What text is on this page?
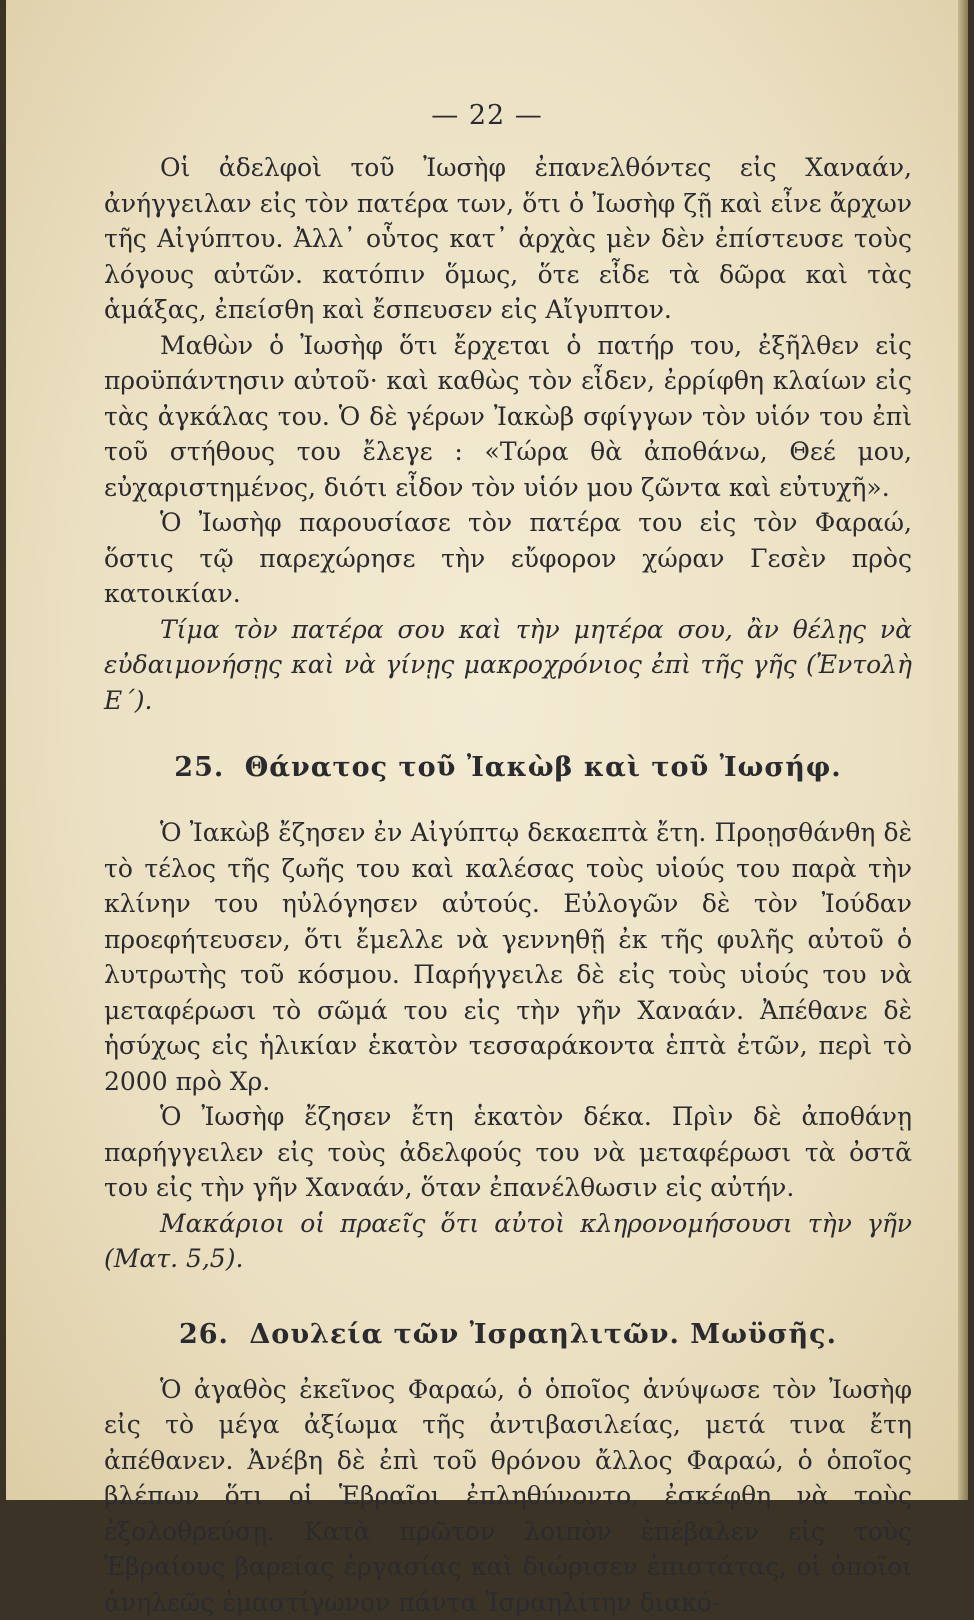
— 22 —

Οἱ ἀδελφοὶ τοῦ Ἰωσὴφ ἐπανελθόντες εἰς Χαναάν, ἀνήγγειλαν εἰς τὸν πατέρα των, ὅτι ὁ Ἰωσὴφ ζῇ καὶ εἶνε ἄρχων τῆς Αἰγύπτου. Ἀλλ᾽ οὗτος κατ᾽ ἀρχὰς μὲν δὲν ἐπίστευσε τοὺς λόγους αὐτῶν. κατόπιν ὅμως, ὅτε εἶδε τὰ δῶρα καὶ τὰς ἁμάξας, ἐπείσθη καὶ ἔσπευσεν εἰς Αἴγυπτον.

Μαθὼν ὁ Ἰωσὴφ ὅτι ἔρχεται ὁ πατήρ του, ἐξῆλθεν εἰς προϋπάντησιν αὐτοῦ· καὶ καθὼς τὸν εἶδεν, ἐρρίφθη κλαίων εἰς τὰς ἀγκάλας του. Ὁ δὲ γέρων Ἰακὼβ σφίγγων τὸν υἱόν του ἐπὶ τοῦ στήθους του ἔλεγε : «Τώρα θὰ ἀποθάνω, Θεέ μου, εὐχαριστημένος, διότι εἶδον τὸν υἱόν μου ζῶντα καὶ εὐτυχῆ».

Ὁ Ἰωσὴφ παρουσίασε τὸν πατέρα του εἰς τὸν Φαραώ, ὅστις τῷ παρεχώρησε τὴν εὔφορον χώραν Γεσὲν πρὸς κατοικίαν.

Τίμα τὸν πατέρα σου καὶ τὴν μητέρα σου, ἂν θέλῃς νὰ εὐδαιμονήσῃς καὶ νὰ γίνῃς μακροχρόνιος ἐπὶ τῆς γῆς (Ἐντολὴ Ε΄).

25. Θάνατος τοῦ Ἰακὼβ καὶ τοῦ Ἰωσήφ.

Ὁ Ἰακὼβ ἔζησεν ἐν Αἰγύπτῳ δεκαεπτὰ ἔτη. Προῃσθάνθη δὲ τὸ τέλος τῆς ζωῆς του καὶ καλέσας τοὺς υἱούς του παρὰ τὴν κλίνην του ηὐλόγησεν αὐτούς. Εὐλογῶν δὲ τὸν Ἰούδαν προεφήτευσεν, ὅτι ἔμελλε νὰ γεννηθῇ ἐκ τῆς φυλῆς αὐτοῦ ὁ λυτρωτὴς τοῦ κόσμου. Παρήγγειλε δὲ εἰς τοὺς υἱούς του νὰ μεταφέρωσι τὸ σῶμά του εἰς τὴν γῆν Χαναάν. Ἀπέθανε δὲ ἡσύχως εἰς ἡλικίαν ἑκατὸν τεσσαράκοντα ἑπτὰ ἐτῶν, περὶ τὸ 2000 πρὸ Χρ.

Ὁ Ἰωσὴφ ἔζησεν ἔτη ἑκατὸν δέκα. Πρὶν δὲ ἀποθάνῃ παρήγγειλεν εἰς τοὺς ἀδελφούς του νὰ μεταφέρωσι τὰ ὀστᾶ του εἰς τὴν γῆν Χαναάν, ὅταν ἐπανέλθωσιν εἰς αὐτήν.

Μακάριοι οἱ πραεῖς ὅτι αὐτοὶ κληρονομήσουσι τὴν γῆν (Ματ. 5,5).

26. Δουλεία τῶν Ἰσραηλιτῶν. Μωϋσῆς.

Ὁ ἀγαθὸς ἐκεῖνος Φαραώ, ὁ ὁποῖος ἀνύψωσε τὸν Ἰωσὴφ εἰς τὸ μέγα ἀξίωμα τῆς ἀντιβασιλείας, μετά τινα ἔτη ἀπέθανεν. Ἀνέβη δὲ ἐπὶ τοῦ θρόνου ἄλλος Φαραώ, ὁ ὁποῖος βλέπων ὅτι οἱ Ἑβραῖοι ἐπληθύνοντο, ἐσκέφθη νὰ τοὺς ἐξολοθρεύσῃ. Κατὰ πρῶτον λοιπὸν ἐπέβαλεν εἰς τοὺς Ἑβραίους βαρείας ἐργασίας καὶ διώρισεν ἐπιστάτας, οἱ ὁποῖοι ἀνηλεῶς ἐμαστίγωνον πάντα Ἰσραηλίτην διακό-
